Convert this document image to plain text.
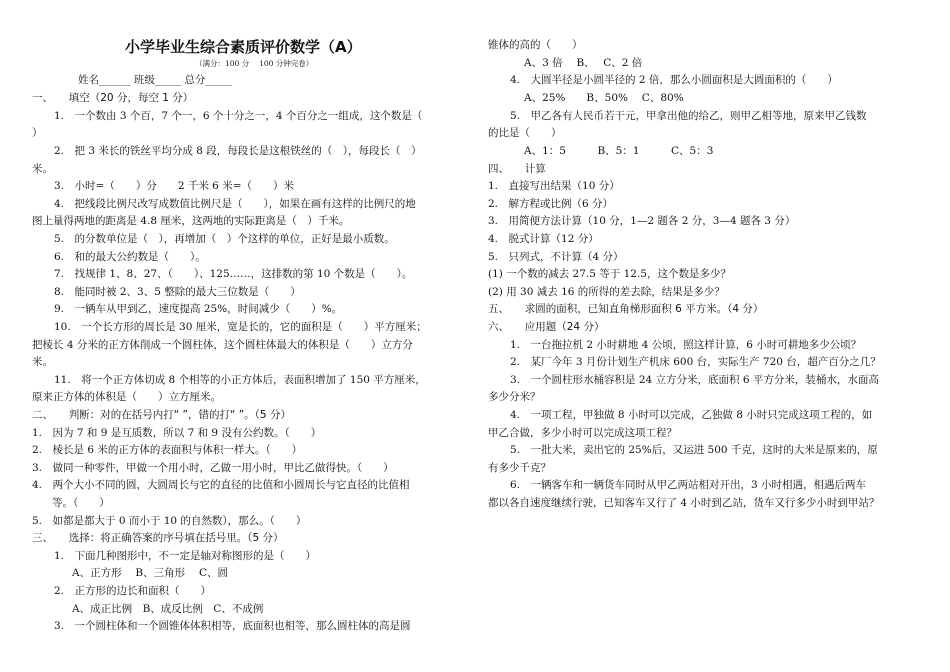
小学毕业生综合素质评价数学（A）
（满分：100 分　 100 分钟完卷）
姓名______ 班级_____ 总分_____
一、　　填空（20 分，每空 1 分）
1.　一个数由 3 个百，7 个一，6 个十分之一，4 个百分之一组成，这个数是（
）
2.　把 3 米长的铁丝平均分成 8 段，每段长是这根铁丝的（　），每段长（　）
米。
3.　小时=（　　）分　　2 千米 6 米=（　　）米
4.　把线段比例尺改写成数值比例尺是（　　），如果在画有这样的比例尺的地
图上量得两地的距离是 4.8 厘米，这两地的实际距离是（　）千米。
5.　的分数单位是（　），再增加（　）个这样的单位，正好是最小质数。
6.　和的最大公约数是（　　）。
7.　找规律 1、8、27、（　　）、125……，这排数的第 10 个数是（　　）。
8.　能同时被 2、3、5 整除的最大三位数是（　　）
9.　一辆车从甲到乙，速度提高 25%，时间减少（　　）%。
10.　一个长方形的周长是 30 厘米，宽是长的，它的面积是（　　）平方厘米；
把棱长 4 分米的正方体削成一个圆柱体，这个圆柱体最大的体积是（　　）立方分
米。
11.　将一个正方体切成 8 个相等的小正方体后，表面积增加了 150 平方厘米，
原来正方体的体积是（　　）立方厘米。
二、　　判断：对的在括号内打“ ”，错的打“ ”。（5 分）
1.　因为 7 和 9 是互质数，所以 7 和 9 没有公约数。（　　）
2.　棱长是 6 米的正方体的表面积与体积一样大。（　　）
3.　做同一种零件，甲做一个用小时，乙做一用小时，甲比乙做得快。（　　）
4.　两个大小不同的圆，大圆周长与它的直径的比值和小圆周长与它直径的比值相
等。（　　）
5.　如都是都大于 0 而小于 10 的自然数），那么。（　　）
三、　　选择：将正确答案的序号填在括号里。（5 分）
1.　下面几种图形中，不一定是轴对称图形的是（　　）
A、正方形　 B、三角形　 C、圆
2.　正方形的边长和面积（　　）
A、成正比例　B、成反比例　C、不成例
3.　一个圆柱体和一个圆锥体体积相等，底面积也相等，那么圆柱体的高是圆
锥体的高的（　　）
A、3 倍　 B、　 C、2 倍
4.　大圆半径是小圆半径的 2 倍，那么小圆面积是大圆面积的（　　）
A、25%　　B、50%　 C、80%
5.　甲乙各有人民币若干元，甲拿出他的给乙，则甲乙相等地，原来甲乙钱数
的比是（　　）
A、1：5　　　B、5：1　　　C、5：3
四、　　计算
1.　直接写出结果（10 分）
2.　解方程或比例（6 分）
3.　用简便方法计算（10 分，1—2 题各 2 分，3—4 题各 3 分）
4.　脱式计算（12 分）
5.　只列式，不计算（4 分）
(1) 一个数的减去 27.5 等于 12.5，这个数是多少？
(2) 用 30 减去 16 的所得的差去除，结果是多少？
五、　　求圆的面积，已知直角梯形面积 6 平方米。（4 分）
六、　　应用题（24 分）
1.　一台拖拉机 2 小时耕地 4 公顷，照这样计算，6 小时可耕地多少公顷？
2.　某厂今年 3 月份计划生产机床 600 台，实际生产 720 台，超产百分之几？
3.　一个圆柱形水桶容积是 24 立方分米，底面积 6 平方分米，装桶水，水面高
多少分米？
4.　一项工程，甲独做 8 小时可以完成，乙独做 8 小时只完成这项工程的，如
甲乙合做，多少小时可以完成这项工程？
5.　一批大米，卖出它的 25%后，又运进 500 千克，这时的大米是原来的，原
有多少千克？
6.　一辆客车和一辆货车同时从甲乙两站相对开出，3 小时相遇，相遇后两车
都以各自速度继续行驶，已知客车又行了 4 小时到乙站，货车又行多少小时到甲站？
